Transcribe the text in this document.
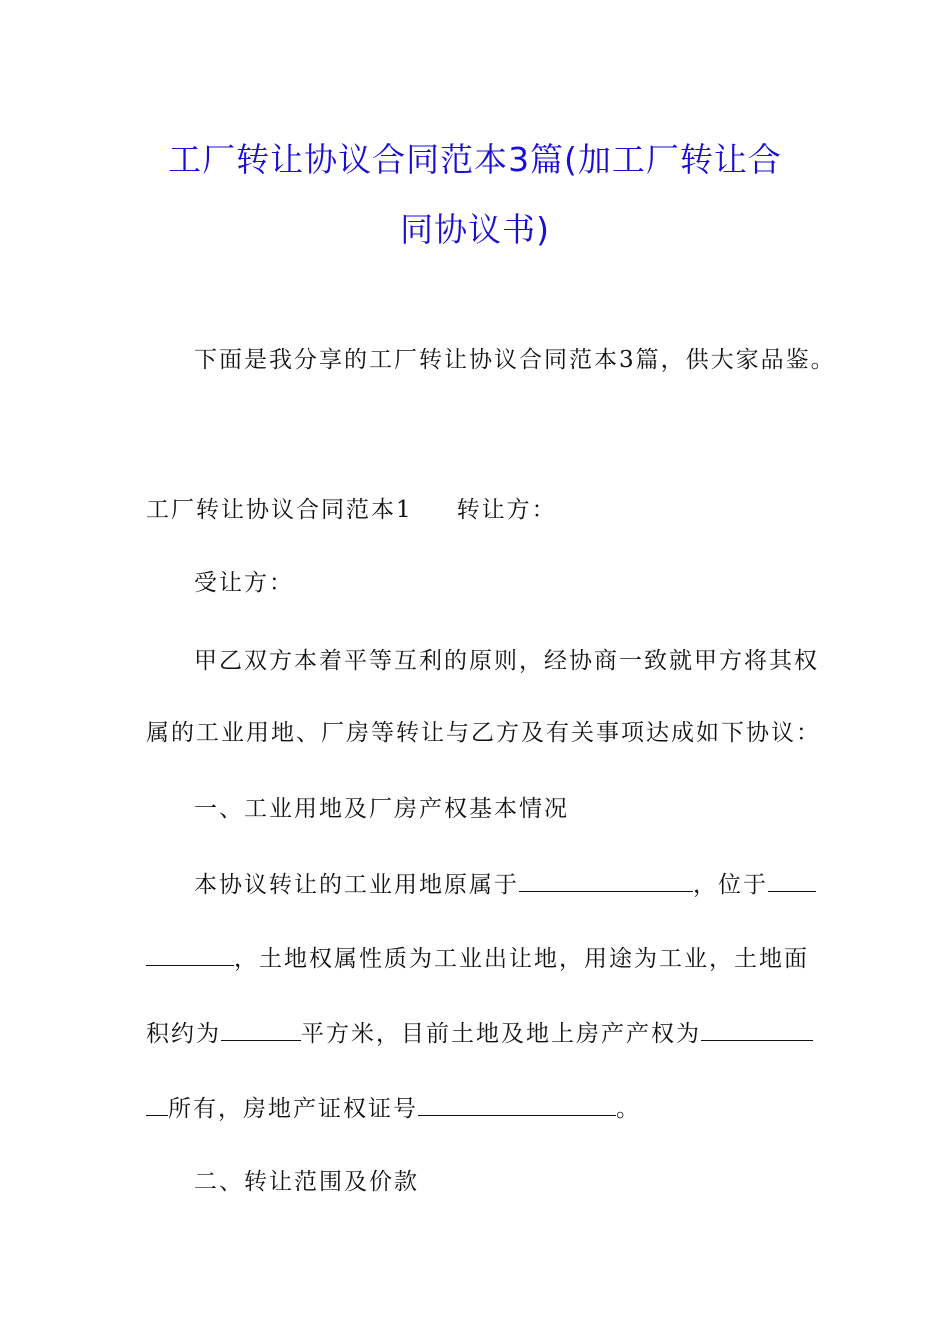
工厂转让协议合同范本3篇(加工厂转让合
同协议书)
下面是我分享的工厂转让协议合同范本3篇，供大家品鉴。
工厂转让协议合同范本1 转让方：
受让方：
甲乙双方本着平等互利的原则，经协商一致就甲方将其权
属的工业用地、厂房等转让与乙方及有关事项达成如下协议：
一、工业用地及厂房产权基本情况
本协议转让的工业用地原属于	，位于
，土地权属性质为工业出让地，用途为工业，土地面
积约为	平方米，目前土地及地上房产产权为
所有，房地产证权证号	。
二、转让范围及价款
